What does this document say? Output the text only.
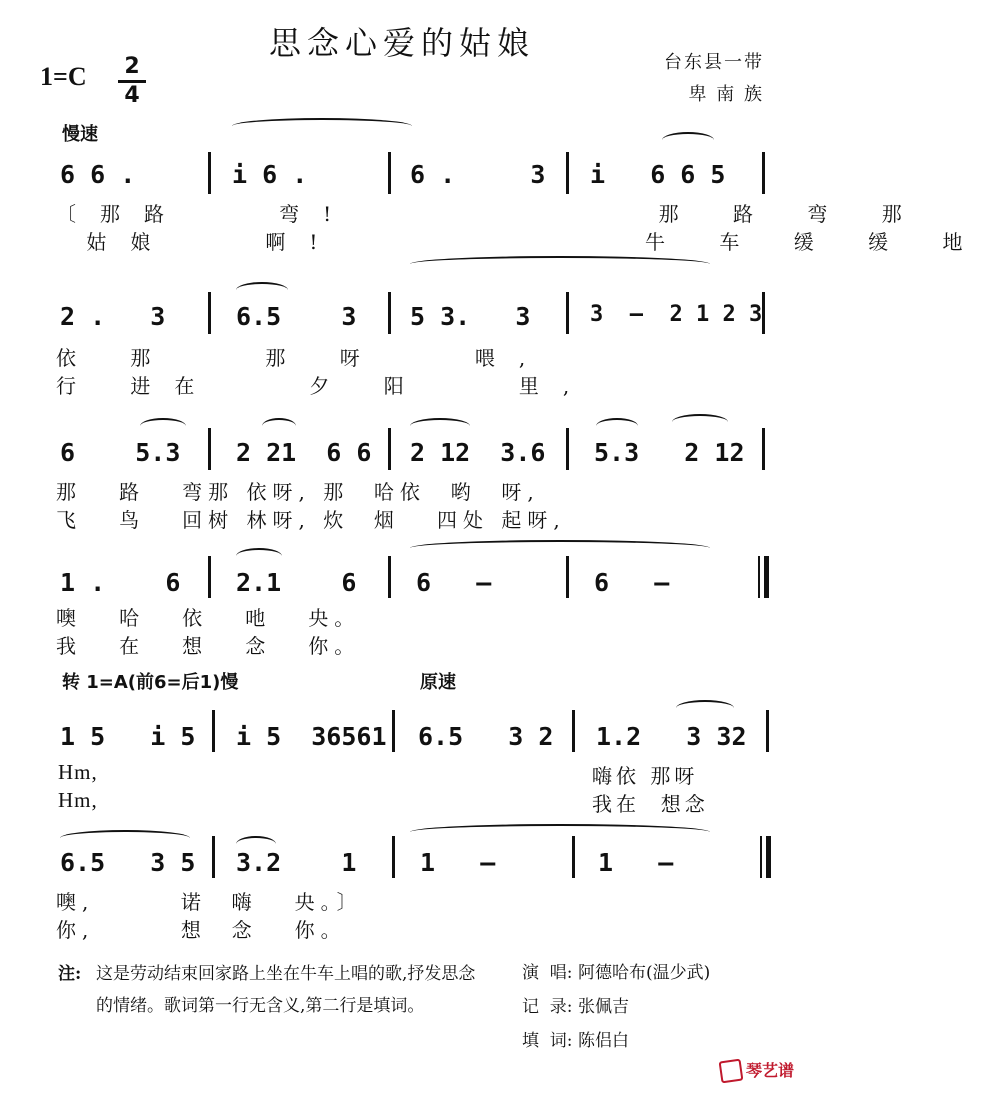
思念心爱的姑娘
1=C 2
4
台东县一带
卑 南 族
慢速
6 6 .	i 6 .	6 .     3 i   6 6 5
〔那路   弯!          那 路 弯 那
姑娘   啊!          牛 车 缓 缓 地
2 .   3	6.5    3 5 3.   3	3  –  2 1 2 3
依 那   那 呀   喂,
行 进在   夕 阳   里,
6    5.3 2 21  6 6 2 12  3.6 5.3   2 12
那   路   弯那 依呀, 那  哈依  哟  呀,
飞   鸟   回树 林呀, 炊  烟   四处 起呀,
1 .    6 2.1    6 6   –	6   –
噢   哈   依   吔   央。
我   在   想   念   你。
转 1=A(前6=后1)慢	原速
1 5   i 5 i 5  36561 6.5   3 2 1.2   3 32
Hm,	嗨依 那呀
Hm,	我在  想念
6.5   3 5 3.2    1	1   –	1   –
噢,       诺  嗨   央。〕
你,       想  念   你。
注: 这是劳动结束回家路上坐在牛车上唱的歌,抒发思念的情绪。歌词第一行无含义,第二行是填词。
演  唱: 阿德哈布(温少武)
记  录: 张佩吉
填  词: 陈侣白
琴艺谱
